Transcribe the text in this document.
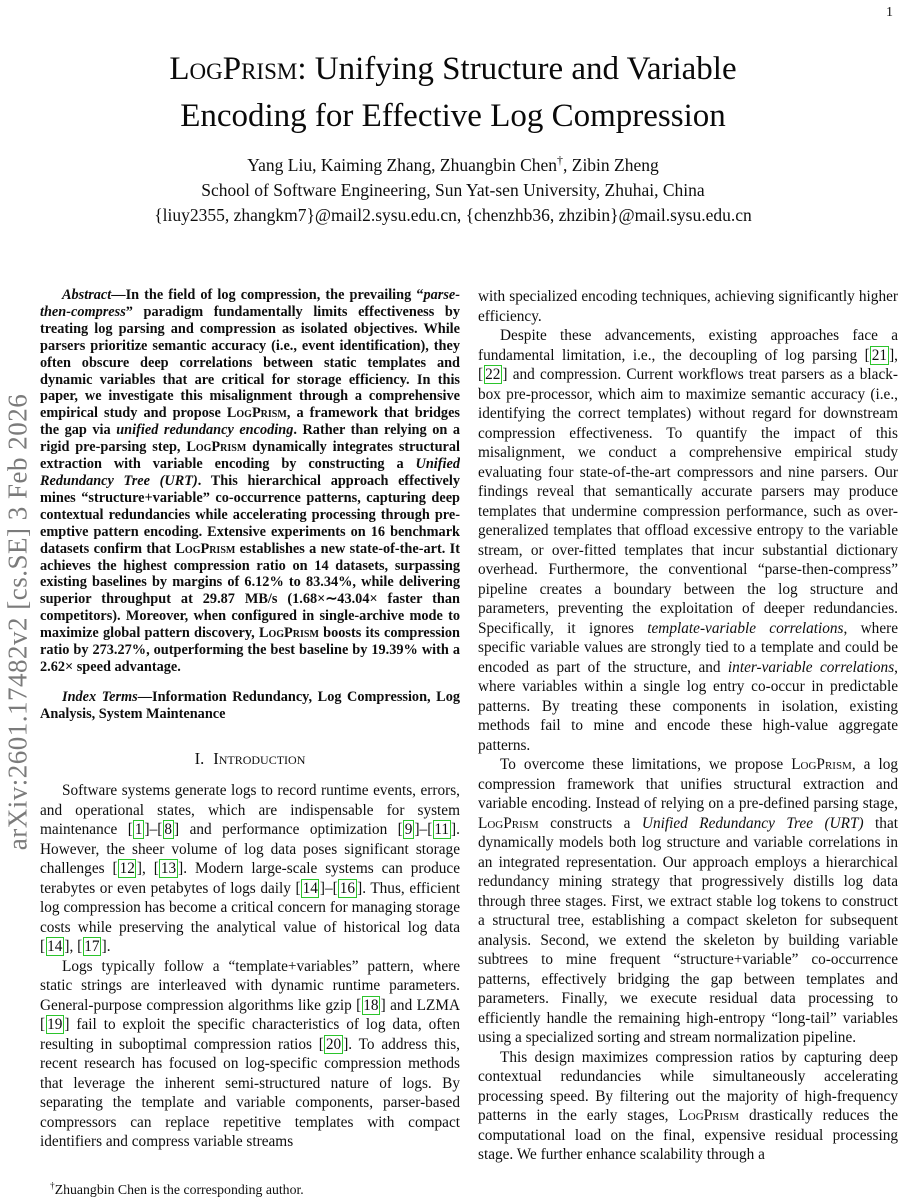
1
arXiv:2601.17482v2 [cs.SE] 3 Feb 2026
LogPrism: Unifying Structure and Variable
Encoding for Effective Log Compression
Yang Liu, Kaiming Zhang, Zhuangbin Chen†, Zibin Zheng
School of Software Engineering, Sun Yat-sen University, Zhuhai, China
{liuy2355, zhangkm7}@mail2.sysu.edu.cn, {chenzhb36, zhzibin}@mail.sysu.edu.cn

Abstract—In the field of log compression, the prevailing “parse-then-compress” paradigm fundamentally limits effectiveness by treating log parsing and compression as isolated objectives. While parsers prioritize semantic accuracy (i.e., event identification), they often obscure deep correlations between static templates and dynamic variables that are critical for storage efficiency. In this paper, we investigate this misalignment through a comprehensive empirical study and propose LogPrism, a framework that bridges the gap via unified redundancy encoding. Rather than relying on a rigid pre-parsing step, LogPrism dynamically integrates structural extraction with variable encoding by constructing a Unified Redundancy Tree (URT). This hierarchical approach effectively mines “structure+variable” co-occurrence patterns, capturing deep contextual redundancies while accelerating processing through pre-emptive pattern encoding. Extensive experiments on 16 benchmark datasets confirm that LogPrism establishes a new state-of-the-art. It achieves the highest compression ratio on 14 datasets, surpassing existing baselines by margins of 6.12% to 83.34%, while delivering superior throughput at 29.87 MB/s (1.68×∼43.04× faster than competitors). Moreover, when configured in single-archive mode to maximize global pattern discovery, LogPrism boosts its compression ratio by 273.27%, outperforming the best baseline by 19.39% with a 2.62× speed advantage.

Index Terms—Information Redundancy, Log Compression, Log Analysis, System Maintenance

I. Introduction

Software systems generate logs to record runtime events, errors, and operational states, which are indispensable for system maintenance [ 1 ]–[ 8 ] and performance optimization [ 9 ]–[ 11 ]. However, the sheer volume of log data poses significant storage challenges [ 12 ], [ 13 ]. Modern large-scale systems can produce terabytes or even petabytes of logs daily [ 14 ]–[ 16 ]. Thus, efficient log compression has become a critical concern for managing storage costs while preserving the analytical value of historical log data [ 14 ], [ 17 ].

Logs typically follow a “template+variables” pattern, where static strings are interleaved with dynamic runtime parameters. General-purpose compression algorithms like gzip [ 18 ] and LZMA [ 19 ] fail to exploit the specific characteristics of log data, often resulting in suboptimal compression ratios [ 20 ]. To address this, recent research has focused on log-specific compression methods that leverage the inherent semi-structured nature of logs. By separating the template and variable components, parser-based compressors can replace repetitive templates with compact identifiers and compress variable streams

†Zhuangbin Chen is the corresponding author.

with specialized encoding techniques, achieving significantly higher efficiency.

Despite these advancements, existing approaches face a fundamental limitation, i.e., the decoupling of log parsing [ 21 ], [ 22 ] and compression. Current workflows treat parsers as a black-box pre-processor, which aim to maximize semantic accuracy (i.e., identifying the correct templates) without regard for downstream compression effectiveness. To quantify the impact of this misalignment, we conduct a comprehensive empirical study evaluating four state-of-the-art compressors and nine parsers. Our findings reveal that semantically accurate parsers may produce templates that undermine compression performance, such as over-generalized templates that offload excessive entropy to the variable stream, or over-fitted templates that incur substantial dictionary overhead. Furthermore, the conventional “parse-then-compress” pipeline creates a boundary between the log structure and parameters, preventing the exploitation of deeper redundancies. Specifically, it ignores template-variable correlations, where specific variable values are strongly tied to a template and could be encoded as part of the structure, and inter-variable correlations, where variables within a single log entry co-occur in predictable patterns. By treating these components in isolation, existing methods fail to mine and encode these high-value aggregate patterns.

To overcome these limitations, we propose LogPrism, a log compression framework that unifies structural extraction and variable encoding. Instead of relying on a pre-defined parsing stage, LogPrism constructs a Unified Redundancy Tree (URT) that dynamically models both log structure and variable correlations in an integrated representation. Our approach employs a hierarchical redundancy mining strategy that progressively distills log data through three stages. First, we extract stable log tokens to construct a structural tree, establishing a compact skeleton for subsequent analysis. Second, we extend the skeleton by building variable subtrees to mine frequent “structure+variable” co-occurrence patterns, effectively bridging the gap between templates and parameters. Finally, we execute residual data processing to efficiently handle the remaining high-entropy “long-tail” variables using a specialized sorting and stream normalization pipeline.

This design maximizes compression ratios by capturing deep contextual redundancies while simultaneously accelerating processing speed. By filtering out the majority of high-frequency patterns in the early stages, LogPrism drastically reduces the computational load on the final, expensive residual processing stage. We further enhance scalability through a
